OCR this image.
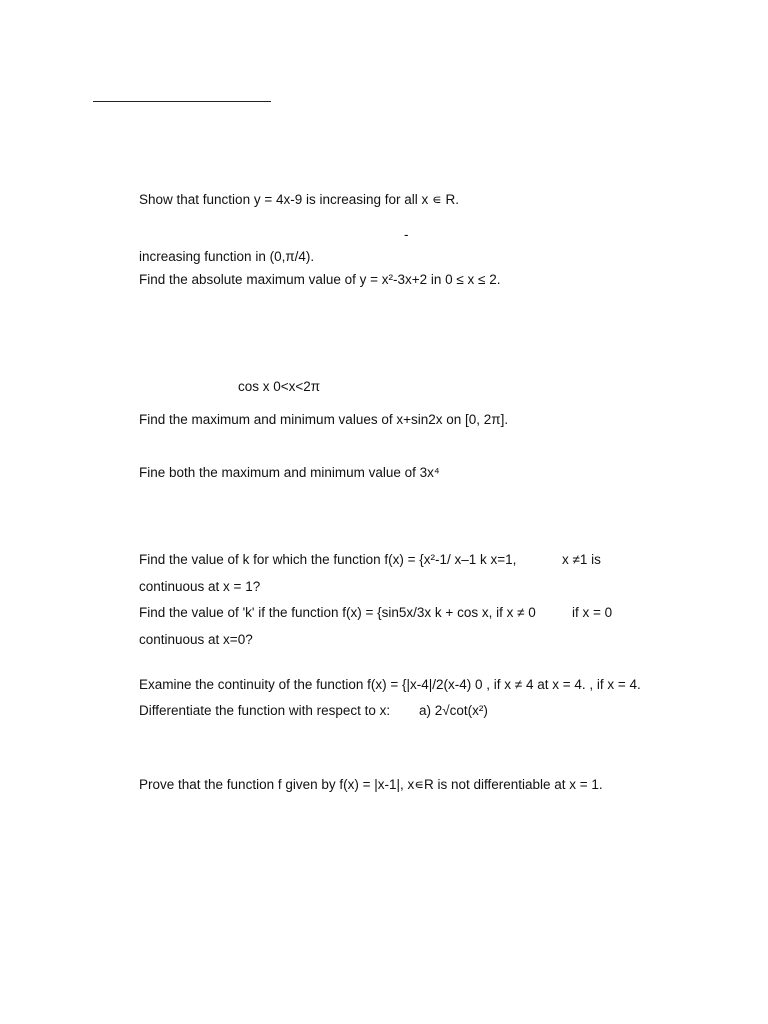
Show that function y = 4x-9 is increasing for all x ∊ R.
-
increasing function in (0,π/4).
Find the absolute maximum value of y = x²-3x+2 in 0 ≤ x ≤ 2.
cos x 0<x<2π
Find the maximum and minimum values of x+sin2x on [0, 2π].
Fine both the maximum and minimum value of 3x⁴
Find the value of k for which the function f(x) = {x²-1/ x–1 k x=1,	x ≠1 is
continuous at x = 1?
Find the value of 'k' if the function f(x) = {sin5x/3x k + cos x, if x ≠ 0	if x = 0
continuous at x=0?
Examine the continuity of the function f(x) = {|x-4|/2(x-4) 0 , if x ≠ 4 at x = 4. , if x = 4.
Differentiate the function with respect to x: a) 2√cot(x²)
Prove that the function f given by f(x) = |x-1|, x∊R is not differentiable at x = 1.
